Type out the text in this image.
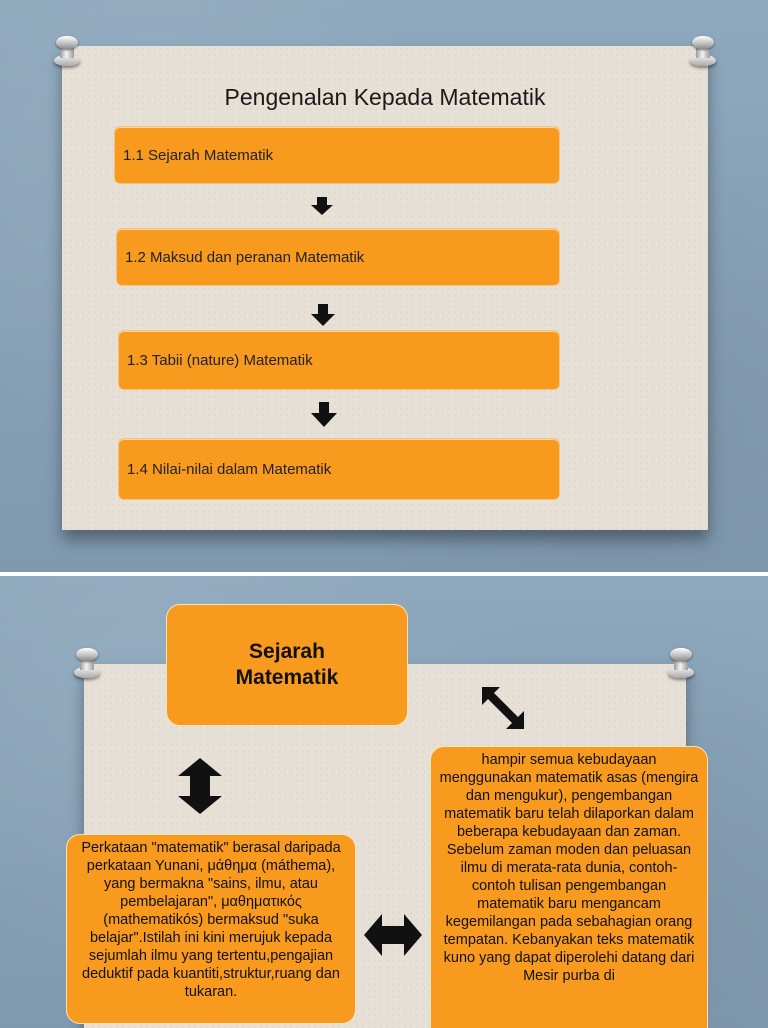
Pengenalan Kepada Matematik
1.1 Sejarah Matematik
1.2 Maksud dan peranan Matematik
1.3 Tabii (nature) Matematik
1.4 Nilai-nilai dalam Matematik
Sejarah Matematik
Perkataan "matematik" berasal daripada perkataan Yunani, μάθημα (máthema), yang bermakna "sains, ilmu, atau pembelajaran", μαθηματικός (mathematikós) bermaksud "suka belajar".Istilah ini kini merujuk kepada sejumlah ilmu yang tertentu,pengajian deduktif pada kuantiti,struktur,ruang dan tukaran.
hampir semua kebudayaan menggunakan matematik asas (mengira dan mengukur), pengembangan matematik baru telah dilaporkan dalam beberapa kebudayaan dan zaman. Sebelum zaman moden dan peluasan ilmu di merata-rata dunia, contoh-contoh tulisan pengembangan matematik baru mengancam kegemilangan pada sebahagian orang tempatan. Kebanyakan teks matematik kuno yang dapat diperolehi datang dari Mesir purba di
